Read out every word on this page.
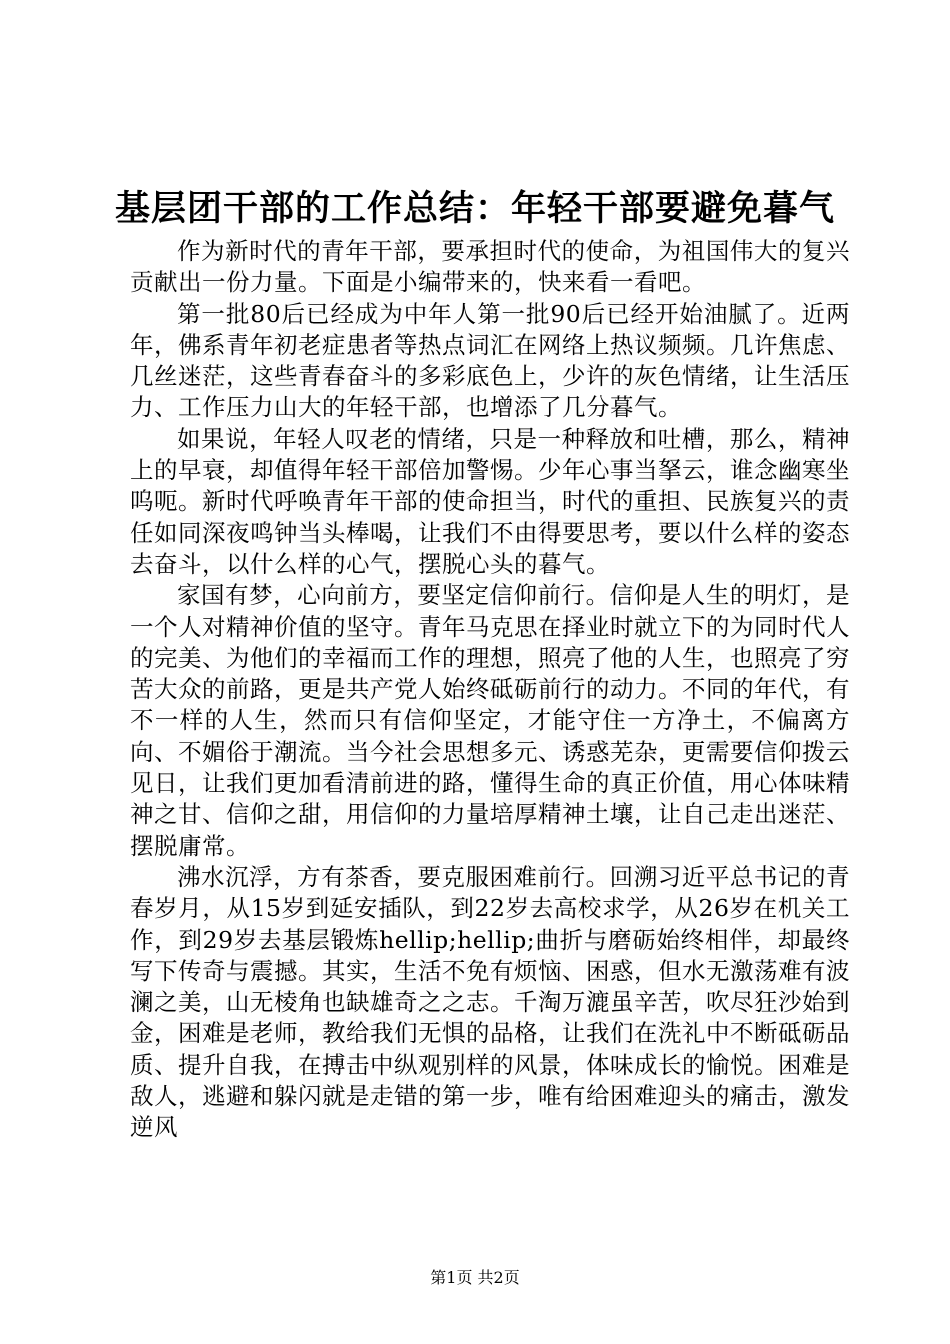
基层团干部的工作总结：年轻干部要避免暮气

作为新时代的青年干部，要承担时代的使命，为祖国伟大的复兴贡献出一份力量。下面是小编带来的，快来看一看吧。

第一批80后已经成为中年人第一批90后已经开始油腻了。近两年，佛系青年初老症患者等热点词汇在网络上热议频频。几许焦虑、几丝迷茫，这些青春奋斗的多彩底色上，少许的灰色情绪，让生活压力、工作压力山大的年轻干部，也增添了几分暮气。

如果说，年轻人叹老的情绪，只是一种释放和吐槽，那么，精神上的早衰，却值得年轻干部倍加警惕。少年心事当拏云，谁念幽寒坐呜呃。新时代呼唤青年干部的使命担当，时代的重担、民族复兴的责任如同深夜鸣钟当头棒喝，让我们不由得要思考，要以什么样的姿态去奋斗，以什么样的心气，摆脱心头的暮气。

家国有梦，心向前方，要坚定信仰前行。信仰是人生的明灯，是一个人对精神价值的坚守。青年马克思在择业时就立下的为同时代人的完美、为他们的幸福而工作的理想，照亮了他的人生，也照亮了穷苦大众的前路，更是共产党人始终砥砺前行的动力。不同的年代，有不一样的人生，然而只有信仰坚定，才能守住一方净土，不偏离方向、不媚俗于潮流。当今社会思想多元、诱惑芜杂，更需要信仰拨云见日，让我们更加看清前进的路，懂得生命的真正价值，用心体味精神之甘、信仰之甜，用信仰的力量培厚精神土壤，让自己走出迷茫、摆脱庸常。

沸水沉浮，方有茶香，要克服困难前行。回溯习近平总书记的青春岁月，从15岁到延安插队，到22岁去高校求学，从26岁在机关工作，到29岁去基层锻炼hellip;hellip;曲折与磨砺始终相伴，却最终写下传奇与震撼。其实，生活不免有烦恼、困惑，但水无激荡难有波澜之美，山无棱角也缺雄奇之之志。千淘万漉虽辛苦，吹尽狂沙始到金，困难是老师，教给我们无惧的品格，让我们在洗礼中不断砥砺品质、提升自我，在搏击中纵观别样的风景，体味成长的愉悦。困难是敌人，逃避和躲闪就是走错的第一步，唯有给困难迎头的痛击，激发逆风

第1页 共2页
